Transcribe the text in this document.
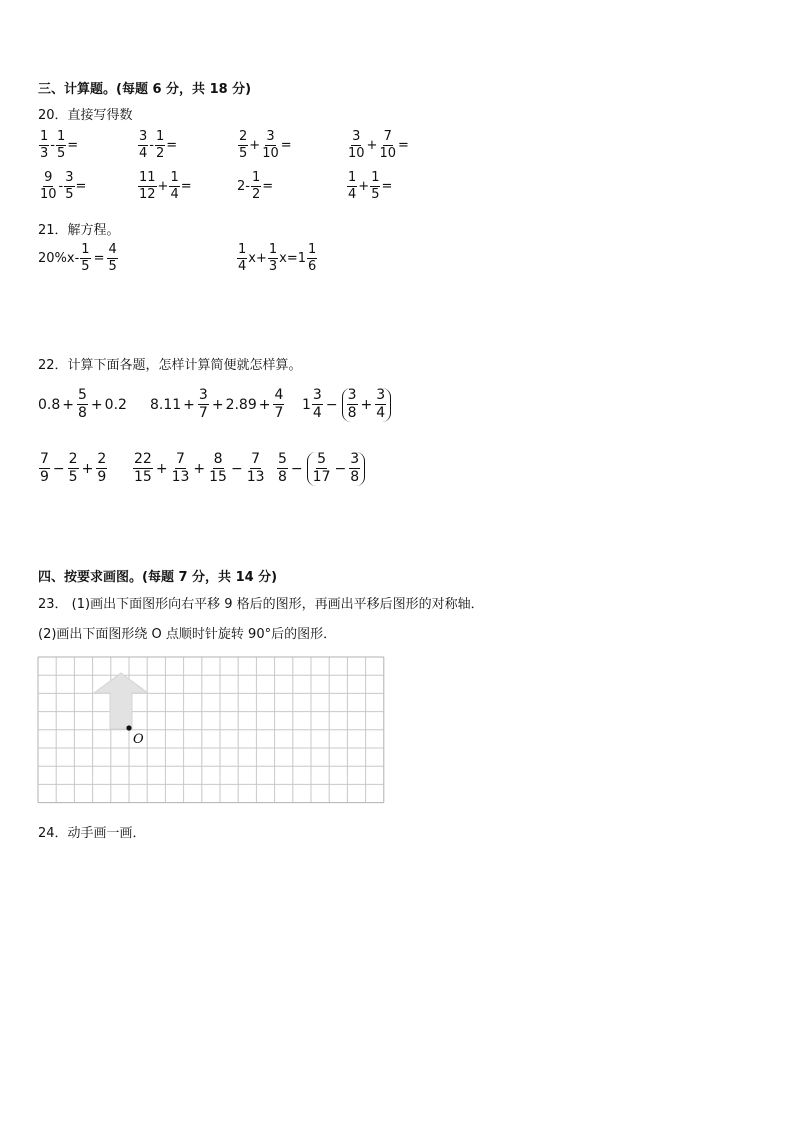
三、计算题。(每题 6 分，共 18 分)
20．直接写得数
$\frac{1}{3} - \frac{1}{5}$ =	$\frac{3}{4} - \frac{1}{2}$ =	$\frac{2}{5} + \frac{3}{10}$ =	$\frac{3}{10} + \frac{7}{10}$ =
$\frac{9}{10} - \frac{3}{5}$ =	$\frac{11}{12} + \frac{1}{4}$ =	$2- \frac{1}{2}$ =	$\frac{1}{4} + \frac{1}{5}$ =
21．解方程。
$20\%x- \frac{1}{5} = \frac{4}{5}$	$\frac{1}{4} x+ \frac{1}{3} x= 1 \frac{1}{6}$
22．计算下面各题，怎样计算简便就怎样算。
$0.8 + \frac{5}{8} + 0.2$ $8.11 + \frac{3}{7} + 2.89 + \frac{4}{7} 1 \frac{3}{4} - \frac{3}{8} + \frac{3}{4}$
$\frac{7}{9} - \frac{2}{5} + \frac{2}{9} \frac{22}{15} + \frac{7}{13} + \frac{8}{15} - \frac{7}{13} \frac{5}{8} - \frac{5}{17} - \frac{3}{8}$
四、按要求画图。(每题 7 分，共 14 分)
23． (1)画出下面图形向右平移 9 格后的图形，再画出平移后图形的对称轴．
(2)画出下面图形绕 O 点顺时针旋转 90°后的图形．
O
24．动手画一画．
